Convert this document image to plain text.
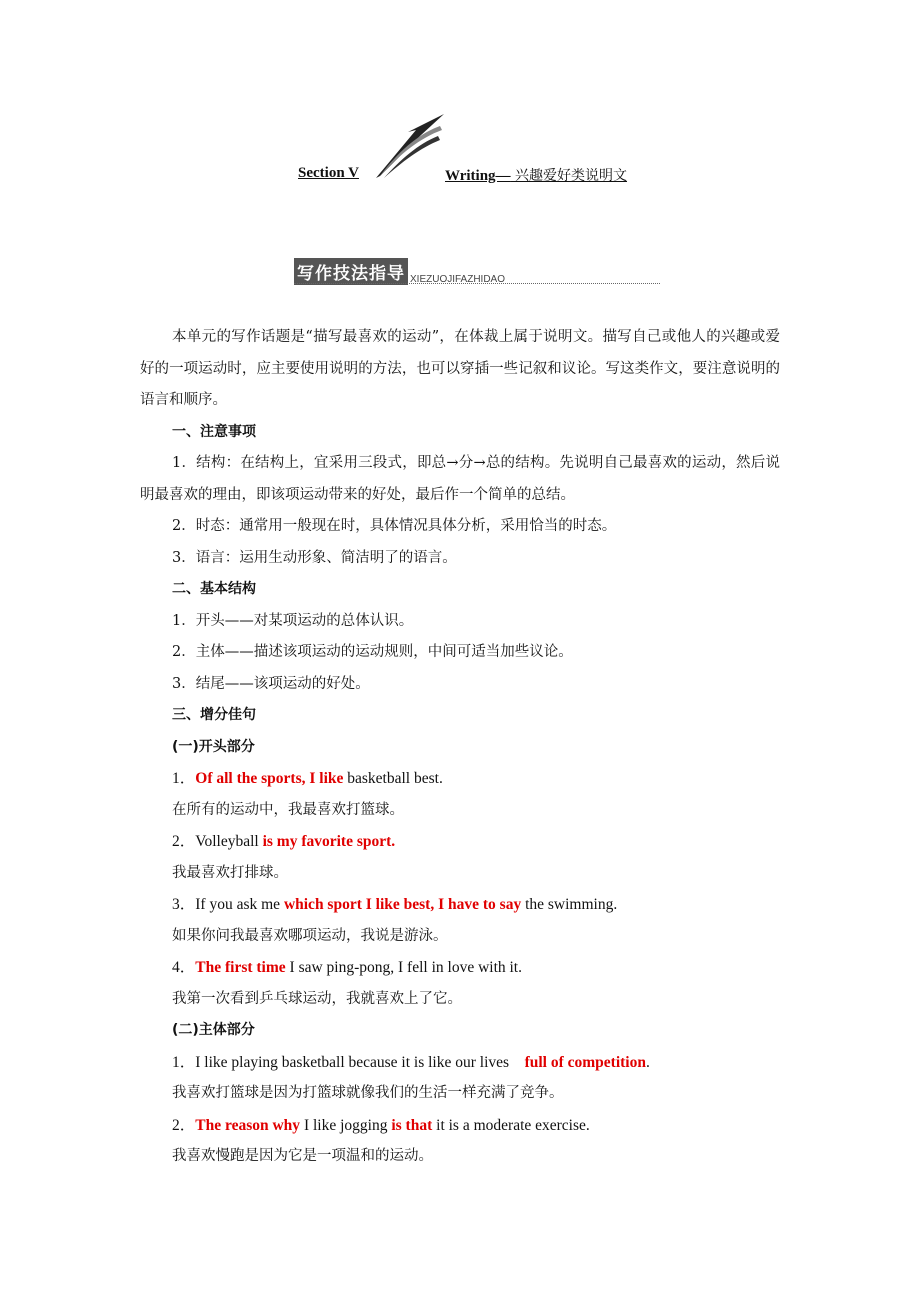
Section V	Writing— 兴趣爱好类说明文
写作技法指导 XIEZUOJIFAZHIDAO

本单元的写作话题是“描写最喜欢的运动”，在体裁上属于说明文。描写自己或他人的兴趣或爱好的一项运动时，应主要使用说明的方法，也可以穿插一些记叙和议论。写这类作文，要注意说明的语言和顺序。

一、注意事项

1．结构：在结构上，宜采用三段式，即总→分→总的结构。先说明自己最喜欢的运动，然后说明最喜欢的理由，即该项运动带来的好处，最后作一个简单的总结。

2．时态：通常用一般现在时，具体情况具体分析，采用恰当的时态。

3．语言：运用生动形象、简洁明了的语言。

二、基本结构

1．开头——对某项运动的总体认识。

2．主体——描述该项运动的运动规则，中间可适当加些议论。

3．结尾——该项运动的好处。

三、增分佳句

(一)开头部分

1．Of all the sports, I like basketball best.

在所有的运动中，我最喜欢打篮球。

2．Volleyball is my favorite sport.

我最喜欢打排球。

3．If you ask me which sport I like best, I have to say the swimming.

如果你问我最喜欢哪项运动，我说是游泳。

4．The first time I saw ping-pong, I fell in love with it.

我第一次看到乒乓球运动，我就喜欢上了它。

(二)主体部分

1．I like playing basketball because it is like our lives    full of competition.

我喜欢打篮球是因为打篮球就像我们的生活一样充满了竞争。

2．The reason why I like jogging is that it is a moderate exercise.

我喜欢慢跑是因为它是一项温和的运动。
